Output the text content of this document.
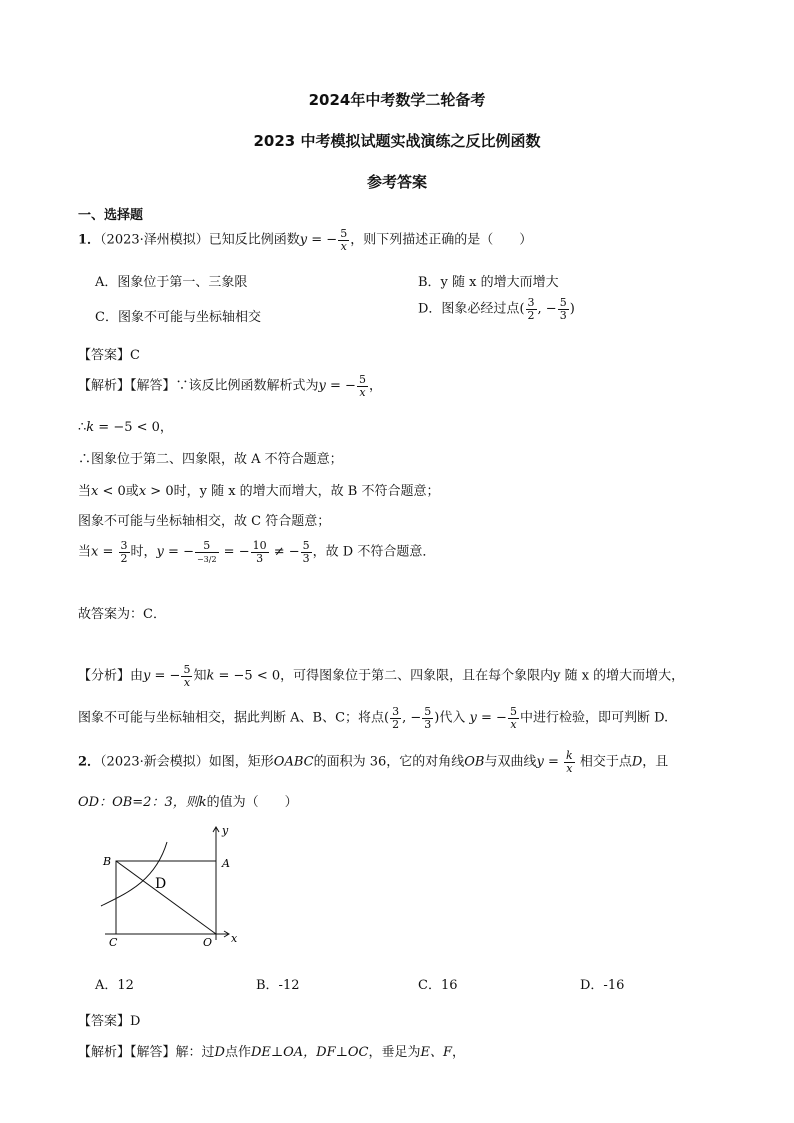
2024年中考数学二轮备考
2023 中考模拟试题实战演练之反比例函数
参考答案
一、选择题
1．（2023·泽州模拟）已知反比例函数y = − $\frac{5}{x}$ ，则下列描述正确的是（　　）
A．图象位于第一、三象限	B．y 随 x 的增大而增大
C．图象不可能与坐标轴相交
D．图象必经过点( $\frac{3}{2}$ , − $\frac{5}{3}$ )
【答案】C
【解析】【解答】∵该反比例函数解析式为y = − $\frac{5}{x}$ ，
∴k = −5 < 0，
∴图象位于第二、四象限，故 A 不符合题意；
当x < 0或x > 0时，y 随 x 的增大而增大，故 B 不符合题意；
图象不可能与坐标轴相交，故 C 符合题意；
当$x = \frac{3}{2}$ 时，y = − $\frac{5}{-3/2}$ = − $\frac{10}{3}$ ≠ − $\frac{5}{3}$ ，故 D 不符合题意．
故答案为：C．
【分析】由y = − $\frac{5}{x}$ 知k = −5 < 0，可得图象位于第二、四象限，且在每个象限内y 随 x 的增大而增大，
图象不可能与坐标轴相交，据此判断 A、B、C；将点( $\frac{3}{2}$ , − $\frac{5}{3}$ )代入 y = − $\frac{5}{x}$ 中进行检验，即可判断 D.
2．（2023·新会模拟）如图，矩形OABC的面积为 36，它的对角线OB与双曲线$y = \frac{k}{x}$ 相交于点D，且
OD：OB=2：3，则k的值为（　　）
B	A
D
C	O x
y
A．12	B．-12	C．16	D．-16
【答案】D
【解析】【解答】解：过D点作DE⊥OA，DF⊥OC，垂足为E、F，
